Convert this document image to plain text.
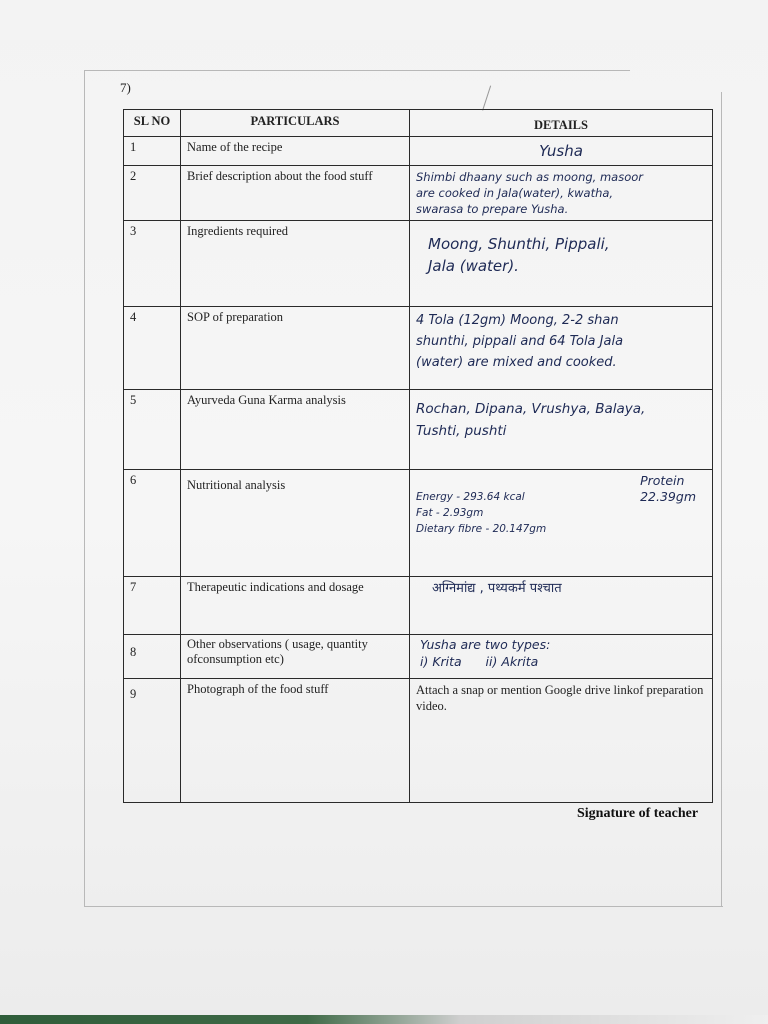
7)
SL NO	PARTICULARS	DETAILS
1	Name of the recipe	Yusha
2	Brief description about the food stuff	Shimbi dhaany such as moong, masoor
are cooked in Jala(water), kwatha,
swarasa to prepare Yusha.

3	Ingredients required	Moong, Shunthi, Pippali,
Jala (water).

4	SOP of preparation	4 Tola (12gm) Moong, 2-2 shan
shunthi, pippali and 64 Tola Jala
(water) are mixed and cooked.

5	Ayurveda Guna Karma analysis	Rochan, Dipana, Vrushya, Balaya,
Tushti, pushti

6	Nutritional analysis	Energy - 293.64 kcal
Fat - 2.93gm
Dietary fibre - 20.147gm

Protein
22.39gm

7	Therapeutic indications and dosage	अग्निमांद्य , पथ्यकर्म पश्चात

8	Other observations ( usage, quantity ofconsumption etc)	Yusha are two types:
i) Krita      ii) Akrita

9	Photograph of the food stuff	Attach a snap or mention Google drive linkof preparation video.
Signature of teacher
